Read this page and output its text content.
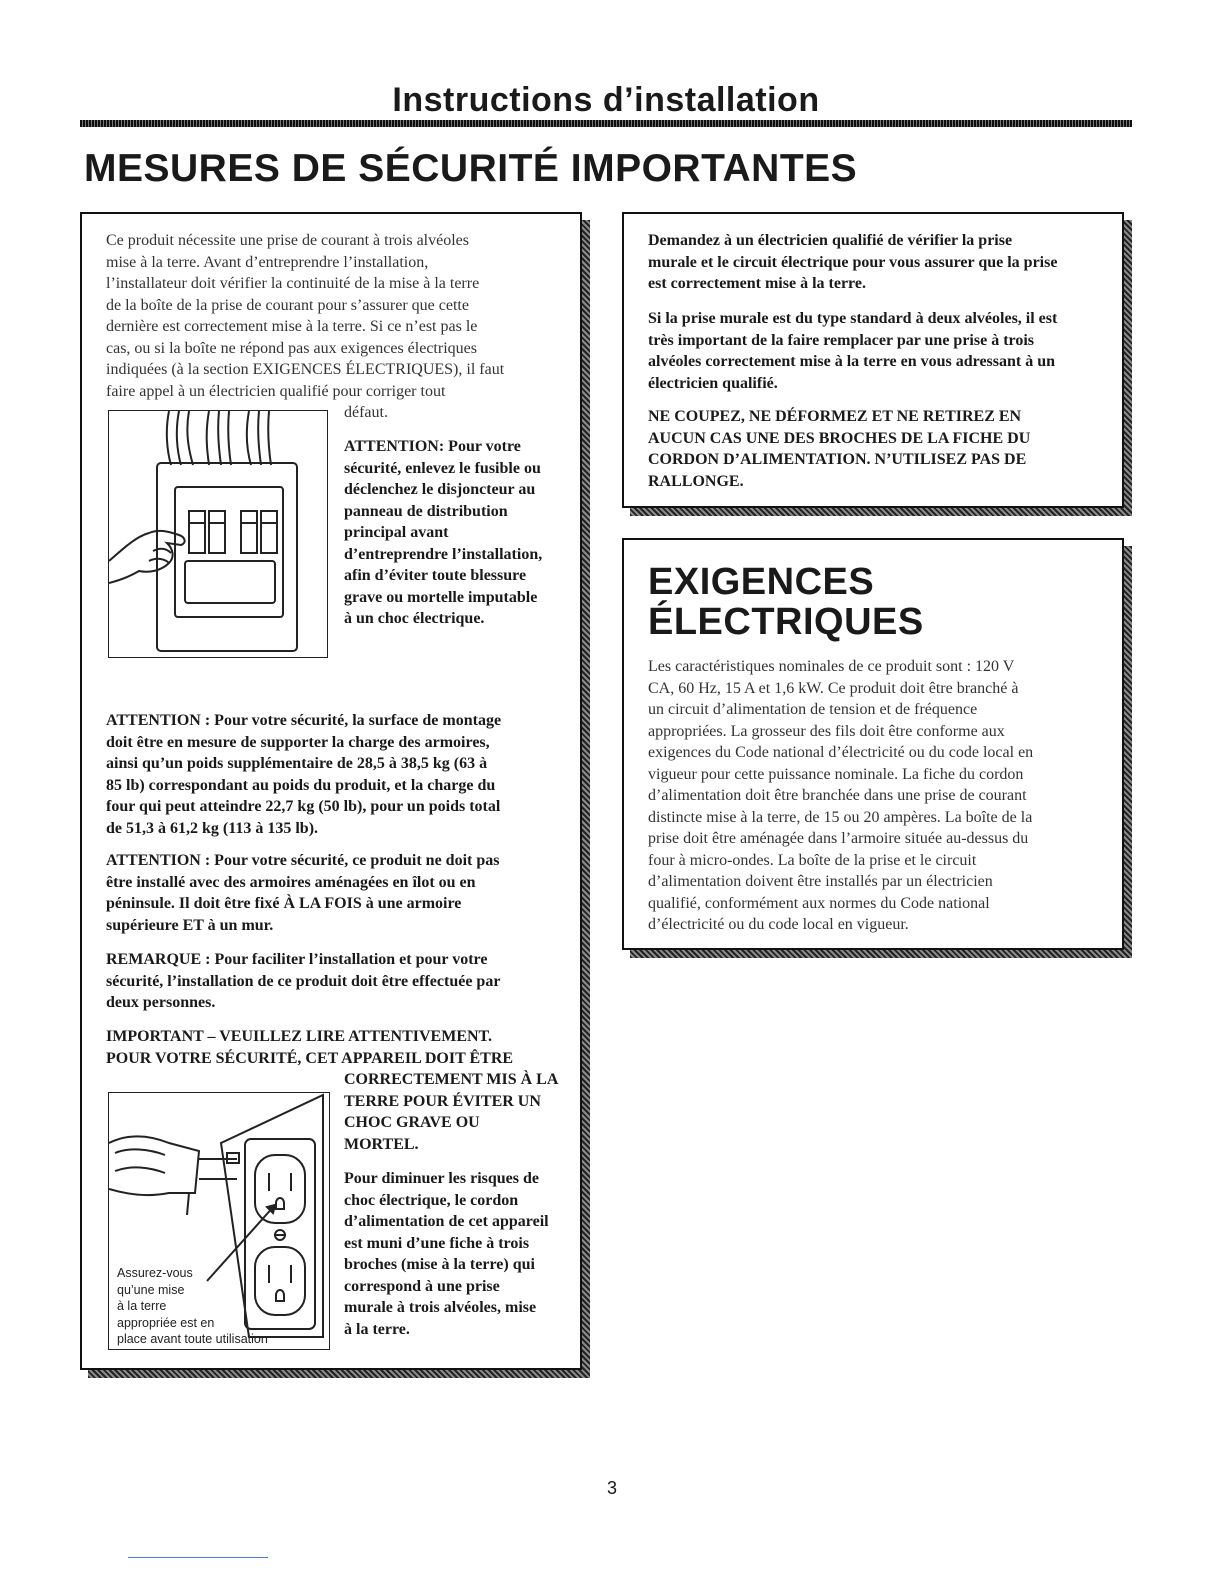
Instructions d’installation
MESURES DE SÉCURITÉ IMPORTANTES
Ce produit nécessite une prise de courant à trois alvéoles
mise à la terre. Avant d’entreprendre l’installation,
l’installateur doit vérifier la continuité de la mise à la terre
de la boîte de la prise de courant pour s’assurer que cette
dernière est correctement mise à la terre. Si ce n’est pas le
cas, ou si la boîte ne répond pas aux exigences électriques
indiquées (à la section EXIGENCES ÉLECTRIQUES), il faut
faire appel à un électricien qualifié pour corriger tout
défaut.
ATTENTION: Pour votre
sécurité, enlevez le fusible ou
déclenchez le disjoncteur au
panneau de distribution
principal avant
d’entreprendre l’installation,
afin d’éviter toute blessure
grave ou mortelle imputable
à un choc électrique.
ATTENTION : Pour votre sécurité, la surface de montage
doit être en mesure de supporter la charge des armoires,
ainsi qu’un poids supplémentaire de 28,5 à 38,5 kg (63 à
85 lb) correspondant au poids du produit, et la charge du
four qui peut atteindre 22,7 kg (50 lb), pour un poids total
de 51,3 à 61,2 kg (113 à 135 lb).
ATTENTION : Pour votre sécurité, ce produit ne doit pas
être installé avec des armoires aménagées en îlot ou en
péninsule. Il doit être fixé À LA FOIS à une armoire
supérieure ET à un mur.
REMARQUE : Pour faciliter l’installation et pour votre
sécurité, l’installation de ce produit doit être effectuée par
deux personnes.
IMPORTANT – VEUILLEZ LIRE ATTENTIVEMENT.
POUR VOTRE SÉCURITÉ, CET APPAREIL DOIT ÊTRE
Assurez-vous
qu’une mise
à la terre
appropriée est en
place avant toute utilisation
CORRECTEMENT MIS À LA
TERRE POUR ÉVITER UN
CHOC GRAVE OU
MORTEL.
Pour diminuer les risques de
choc électrique, le cordon
d’alimentation de cet appareil
est muni d’une fiche à trois
broches (mise à la terre) qui
correspond à une prise
murale à trois alvéoles, mise
à la terre.
Demandez à un électricien qualifié de vérifier la prise
murale et le circuit électrique pour vous assurer que la prise
est correctement mise à la terre.
Si la prise murale est du type standard à deux alvéoles, il est
très important de la faire remplacer par une prise à trois
alvéoles correctement mise à la terre en vous adressant à un
électricien qualifié.
NE COUPEZ, NE DÉFORMEZ ET NE RETIREZ EN
AUCUN CAS UNE DES BROCHES DE LA FICHE DU
CORDON D’ALIMENTATION. N’UTILISEZ PAS DE
RALLONGE.
EXIGENCES
ÉLECTRIQUES
Les caractéristiques nominales de ce produit sont : 120 V
CA, 60 Hz, 15 A et 1,6 kW. Ce produit doit être branché à
un circuit d’alimentation de tension et de fréquence
appropriées. La grosseur des fils doit être conforme aux
exigences du Code national d’électricité ou du code local en
vigueur pour cette puissance nominale. La fiche du cordon
d’alimentation doit être branchée dans une prise de courant
distincte mise à la terre, de 15 ou 20 ampères. La boîte de la
prise doit être aménagée dans l’armoire située au-dessus du
four à micro-ondes. La boîte de la prise et le circuit
d’alimentation doivent être installés par un électricien
qualifié, conformément aux normes du Code national
d’électricité ou du code local en vigueur.
3
